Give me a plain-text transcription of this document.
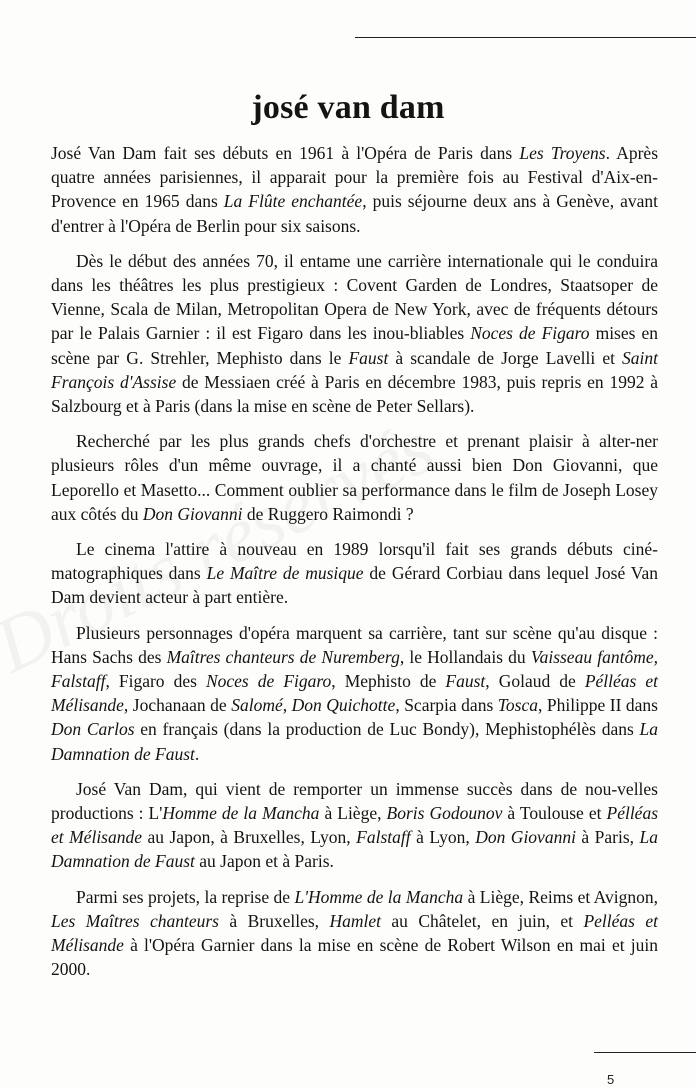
josé van dam

José Van Dam fait ses débuts en 1961 à l'Opéra de Paris dans Les Troyens. Après quatre années parisiennes, il apparait pour la première fois au Festival d'Aix-en-Provence en 1965 dans La Flûte enchantée, puis séjourne deux ans à Genève, avant d'entrer à l'Opéra de Berlin pour six saisons.

Dès le début des années 70, il entame une carrière internationale qui le conduira dans les théâtres les plus prestigieux : Covent Garden de Londres, Staatsoper de Vienne, Scala de Milan, Metropolitan Opera de New York, avec de fréquents détours par le Palais Garnier : il est Figaro dans les inou-bliables Noces de Figaro mises en scène par G. Strehler, Mephisto dans le Faust à scandale de Jorge Lavelli et Saint François d'Assise de Messiaen créé à Paris en décembre 1983, puis repris en 1992 à Salzbourg et à Paris (dans la mise en scène de Peter Sellars).

Recherché par les plus grands chefs d'orchestre et prenant plaisir à alter-ner plusieurs rôles d'un même ouvrage, il a chanté aussi bien Don Giovanni, que Leporello et Masetto... Comment oublier sa performance dans le film de Joseph Losey aux côtés du Don Giovanni de Ruggero Raimondi ?

Le cinema l'attire à nouveau en 1989 lorsqu'il fait ses grands débuts ciné-matographiques dans Le Maître de musique de Gérard Corbiau dans lequel José Van Dam devient acteur à part entière.

Plusieurs personnages d'opéra marquent sa carrière, tant sur scène qu'au disque : Hans Sachs des Maîtres chanteurs de Nuremberg, le Hollandais du Vaisseau fantôme, Falstaff, Figaro des Noces de Figaro, Mephisto de Faust, Golaud de Pélléas et Mélisande, Jochanaan de Salomé, Don Quichotte, Scarpia dans Tosca, Philippe II dans Don Carlos en français (dans la production de Luc Bondy), Mephistophélès dans La Damnation de Faust.

José Van Dam, qui vient de remporter un immense succès dans de nou-velles productions : L'Homme de la Mancha à Liège, Boris Godounov à Toulouse et Pélléas et Mélisande au Japon, à Bruxelles, Lyon, Falstaff à Lyon, Don Giovanni à Paris, La Damnation de Faust au Japon et à Paris.

Parmi ses projets, la reprise de L'Homme de la Mancha à Liège, Reims et Avignon, Les Maîtres chanteurs à Bruxelles, Hamlet au Châtelet, en juin, et Pelléas et Mélisande à l'Opéra Garnier dans la mise en scène de Robert Wilson en mai et juin 2000.

5
